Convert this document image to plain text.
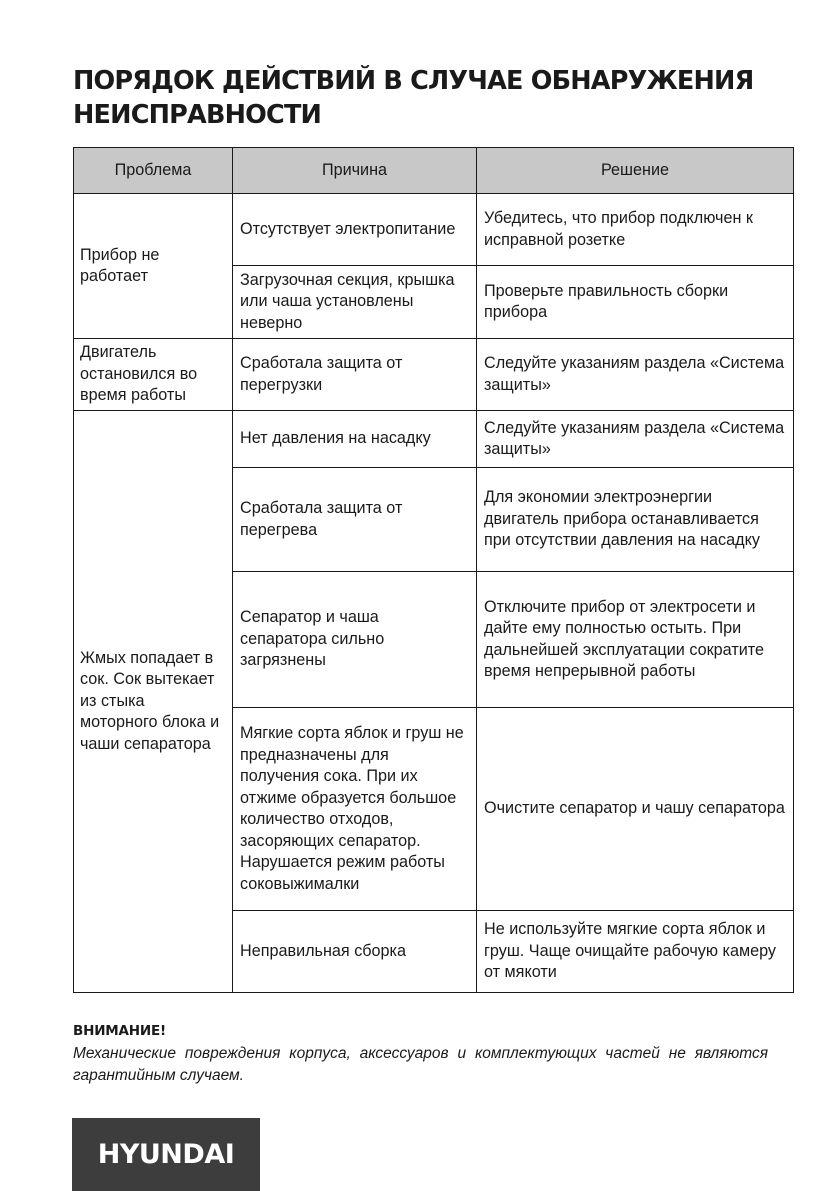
ПОРЯДОК ДЕЙСТВИЙ В СЛУЧАЕ ОБНАРУЖЕНИЯ НЕИСПРАВНОСТИ
Проблема	Причина	Решение
Прибор не работает	Отсутствует электропитание	Убедитесь, что прибор подключен к исправной розетке
	Загрузочная секция, крышка или чаша установлены неверно	Проверьте правильность сборки прибора
Двигатель остановился во время работы	Сработала защита от перегрузки	Следуйте указаниям раздела «Система защиты»
Жмых попадает в сок. Сок вытекает из стыка моторного блока и чаши сепаратора	Нет давления на насадку	Следуйте указаниям раздела «Система защиты»
	Сработала защита от перегрева	Для экономии электроэнергии двигатель прибора останавливается при отсутствии давления на насадку
	Сепаратор и чаша сепаратора сильно загрязнены	Отключите прибор от электросети и дайте ему полностью остыть. При дальнейшей эксплуатации сократите время непрерывной работы
	Мягкие сорта яблок и груш не предназначены для получения сока. При их отжиме образуется большое количество отходов, засоряющих сепаратор. Нарушается режим работы соковыжималки	Очистите сепаратор и чашу сепаратора
	Неправильная сборка	Не используйте мягкие сорта яблок и груш. Чаще очищайте рабочую камеру от мякоти

ВНИМАНИЕ!

Механические повреждения корпуса, аксессуаров и комплектующих частей не являются гарантийным случаем.

HYUNDAI
